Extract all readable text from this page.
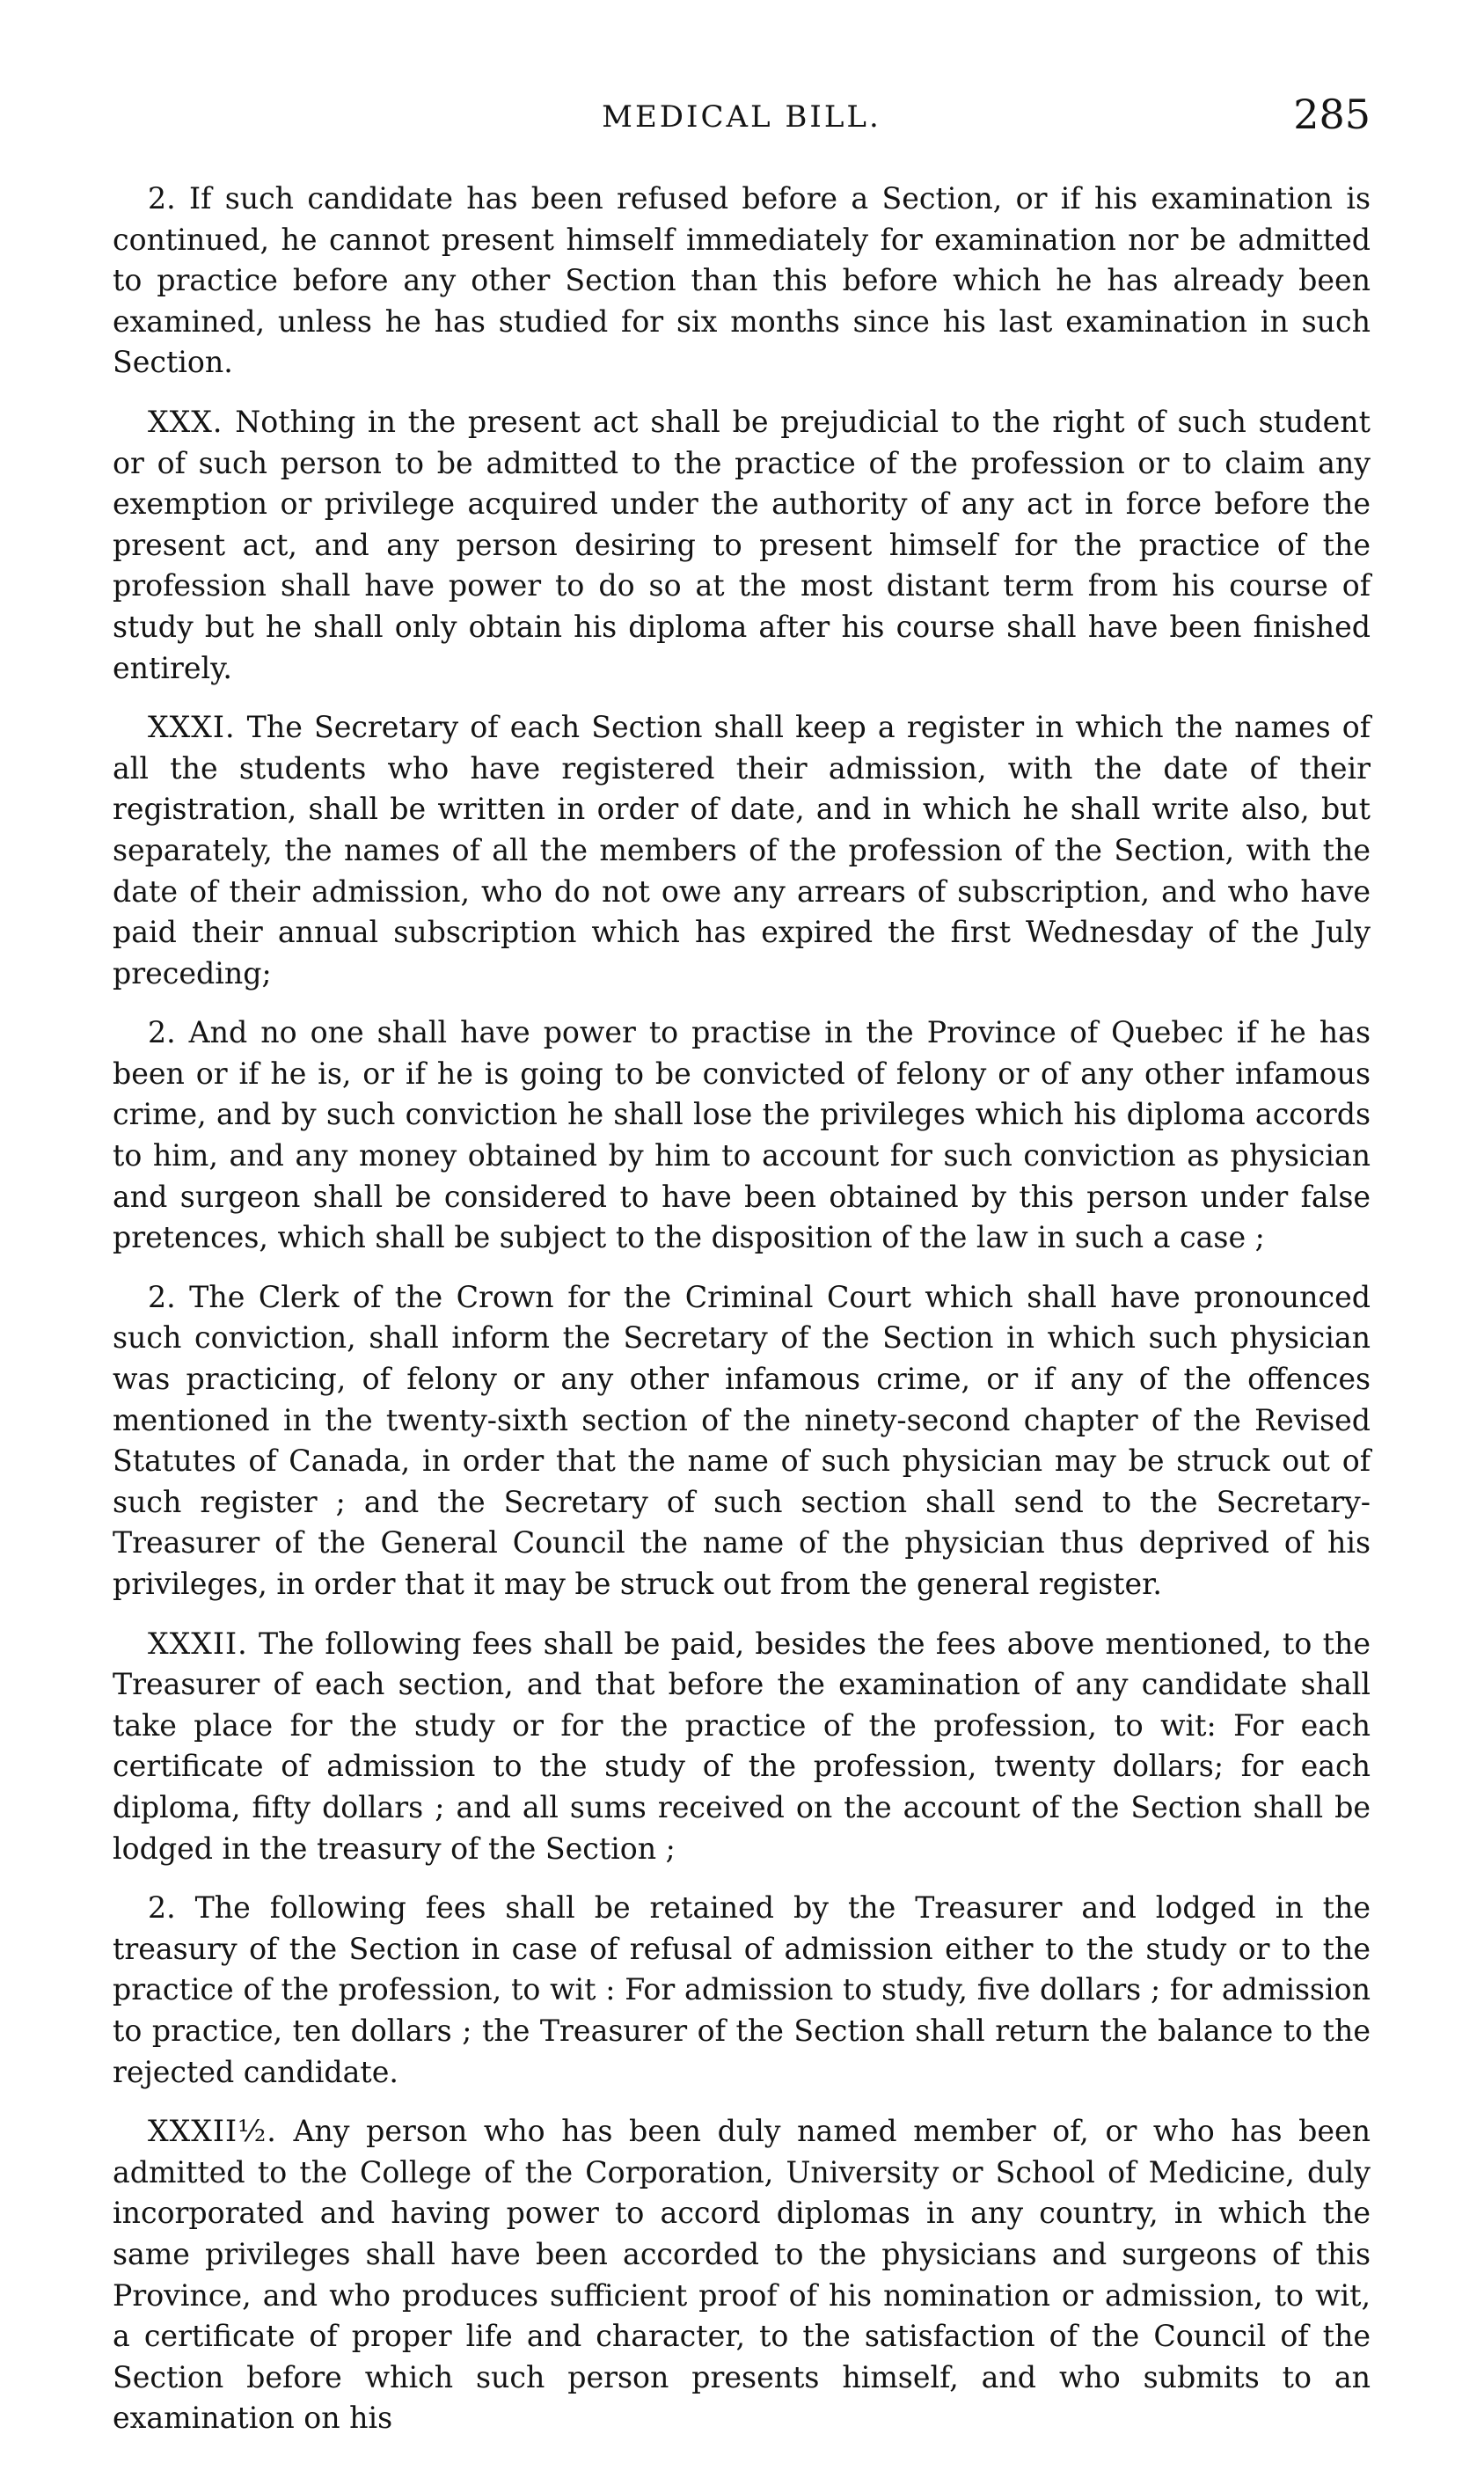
MEDICAL BILL.	285

2. If such candidate has been refused before a Section, or if his examination is continued, he cannot present himself immediately for examination nor be admitted to practice before any other Section than this before which he has already been examined, unless he has studied for six months since his last examination in such Section.

XXX. Nothing in the present act shall be prejudicial to the right of such student or of such person to be admitted to the practice of the profession or to claim any exemption or privilege acquired under the authority of any act in force before the present act, and any person desiring to present himself for the practice of the profession shall have power to do so at the most distant term from his course of study but he shall only obtain his diploma after his course shall have been finished entirely.

XXXI. The Secretary of each Section shall keep a register in which the names of all the students who have registered their admission, with the date of their registration, shall be written in order of date, and in which he shall write also, but separately, the names of all the members of the profession of the Section, with the date of their admission, who do not owe any arrears of subscription, and who have paid their annual subscription which has expired the first Wednesday of the July preceding;

2. And no one shall have power to practise in the Province of Quebec if he has been or if he is, or if he is going to be convicted of felony or of any other infamous crime, and by such conviction he shall lose the privileges which his diploma accords to him, and any money obtained by him to account for such conviction as physician and surgeon shall be considered to have been obtained by this person under false pretences, which shall be subject to the disposition of the law in such a case ;

2. The Clerk of the Crown for the Criminal Court which shall have pronounced such conviction, shall inform the Secretary of the Section in which such physician was practicing, of felony or any other infamous crime, or if any of the offences mentioned in the twenty-sixth section of the ninety-second chapter of the Revised Statutes of Canada, in order that the name of such physician may be struck out of such register ; and the Secretary of such section shall send to the Secretary-Treasurer of the General Council the name of the physician thus deprived of his privileges, in order that it may be struck out from the general register.

XXXII. The following fees shall be paid, besides the fees above mentioned, to the Treasurer of each section, and that before the examination of any candidate shall take place for the study or for the practice of the profession, to wit: For each certificate of admission to the study of the profession, twenty dollars; for each diploma, fifty dollars ; and all sums received on the account of the Section shall be lodged in the treasury of the Section ;

2. The following fees shall be retained by the Treasurer and lodged in the treasury of the Section in case of refusal of admission either to the study or to the practice of the profession, to wit : For admission to study, five dollars ; for admission to practice, ten dollars ; the Treasurer of the Section shall return the balance to the rejected candidate.

XXXII½. Any person who has been duly named member of, or who has been admitted to the College of the Corporation, University or School of Medicine, duly incorporated and having power to accord diplomas in any country, in which the same privileges shall have been accorded to the physicians and surgeons of this Province, and who produces sufficient proof of his nomination or admission, to wit, a certificate of proper life and character, to the satisfaction of the Council of the Section before which such person presents himself, and who submits to an examination on his
